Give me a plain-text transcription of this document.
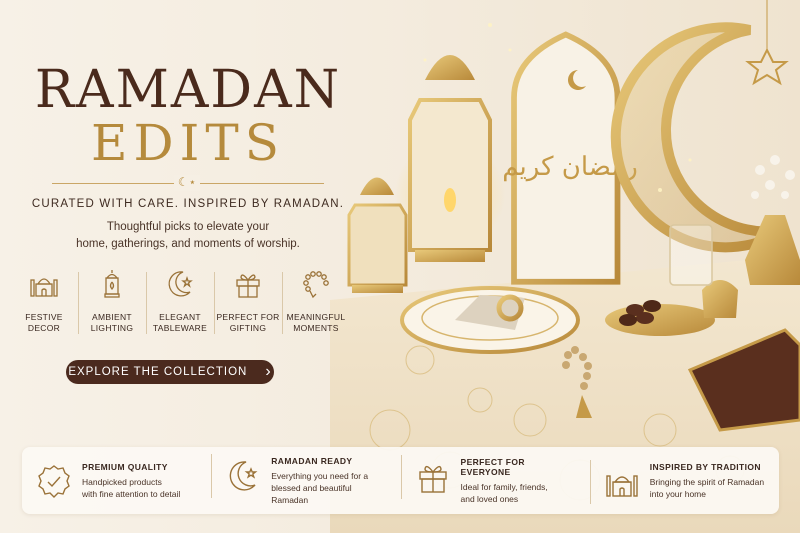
رمضان كريم
RAMADAN
EDITS
☾⋆
CURATED WITH CARE. INSPIRED BY RAMADAN.
Thoughtful picks to elevate your
home, gatherings, and moments of worship.
FESTIVE
DECOR
AMBIENT
LIGHTING
ELEGANT
TABLEWARE
PERFECT FOR
GIFTING
MEANINGFUL
MOMENTS
EXPLORE THE COLLECTION ›
PREMIUM QUALITY
Handpicked products
with fine attention to detail
RAMADAN READY
Everything you need for a
blessed and beautiful Ramadan
PERFECT FOR EVERYONE
Ideal for family, friends,
and loved ones
INSPIRED BY TRADITION
Bringing the spirit of Ramadan
into your home
